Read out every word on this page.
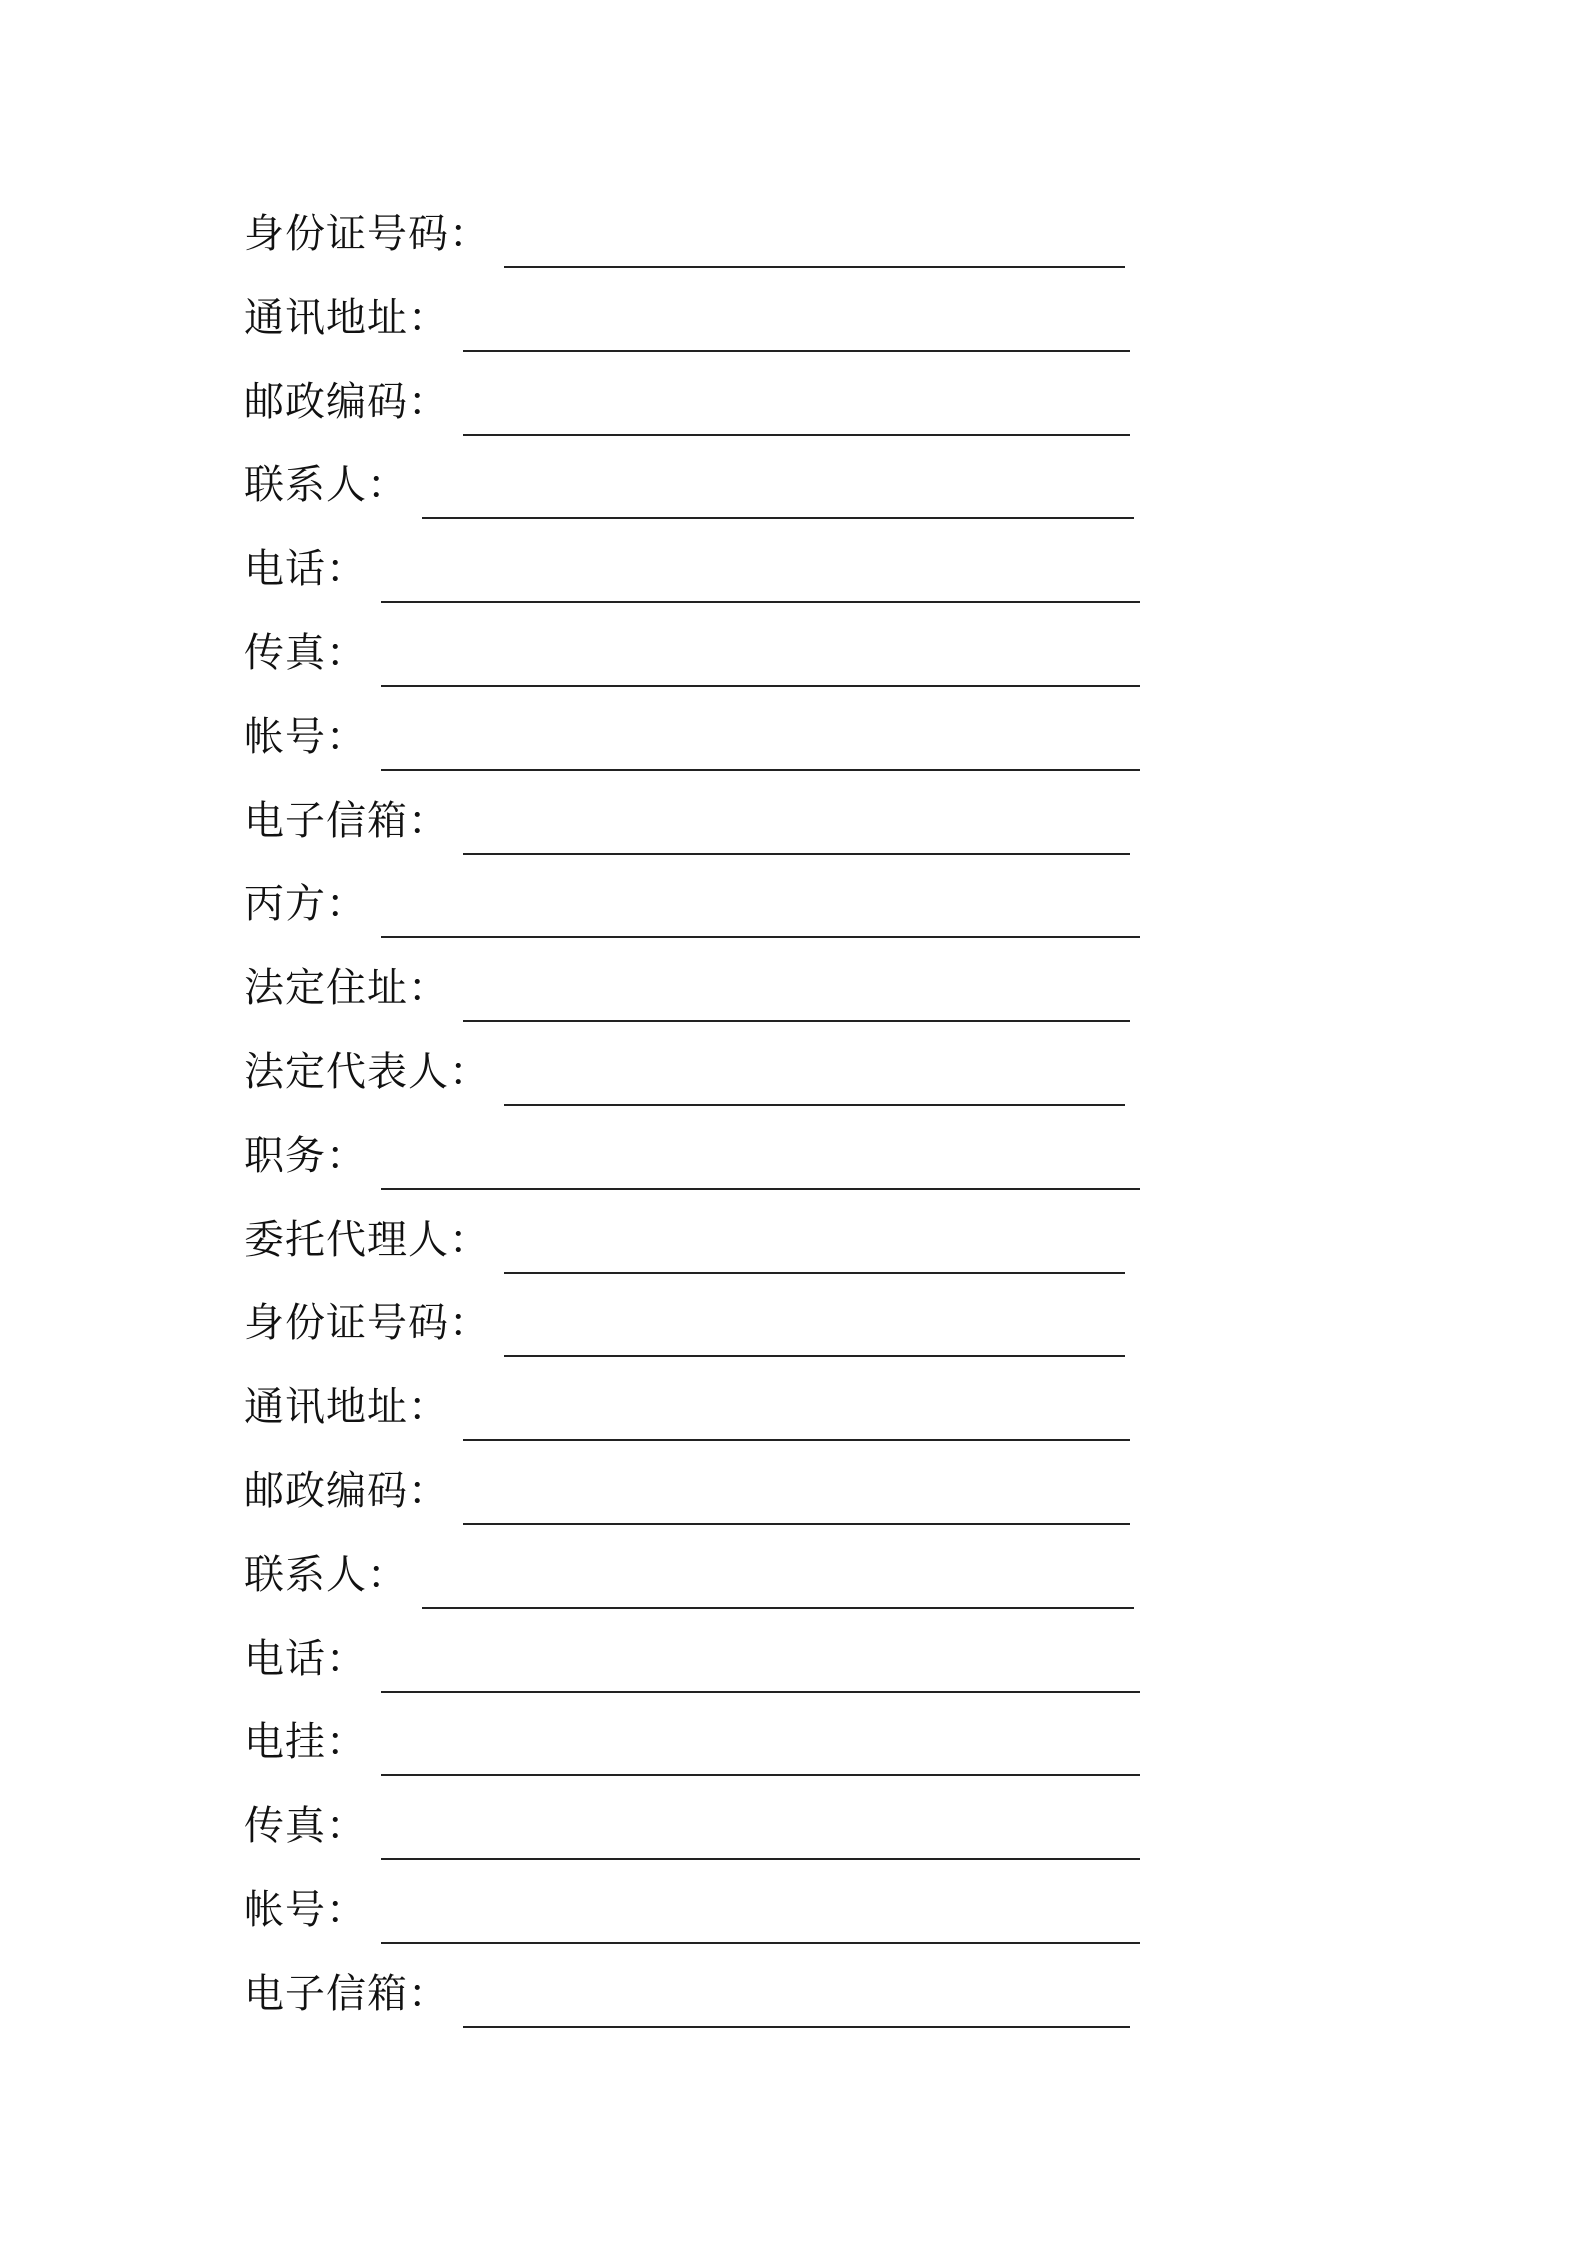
身份证号码：
通讯地址：
邮政编码：
联系人：
电话：
传真：
帐号：
电子信箱：
丙方：
法定住址：
法定代表人：
职务：
委托代理人：
身份证号码：
通讯地址：
邮政编码：
联系人：
电话：
电挂：
传真：
帐号：
电子信箱：
